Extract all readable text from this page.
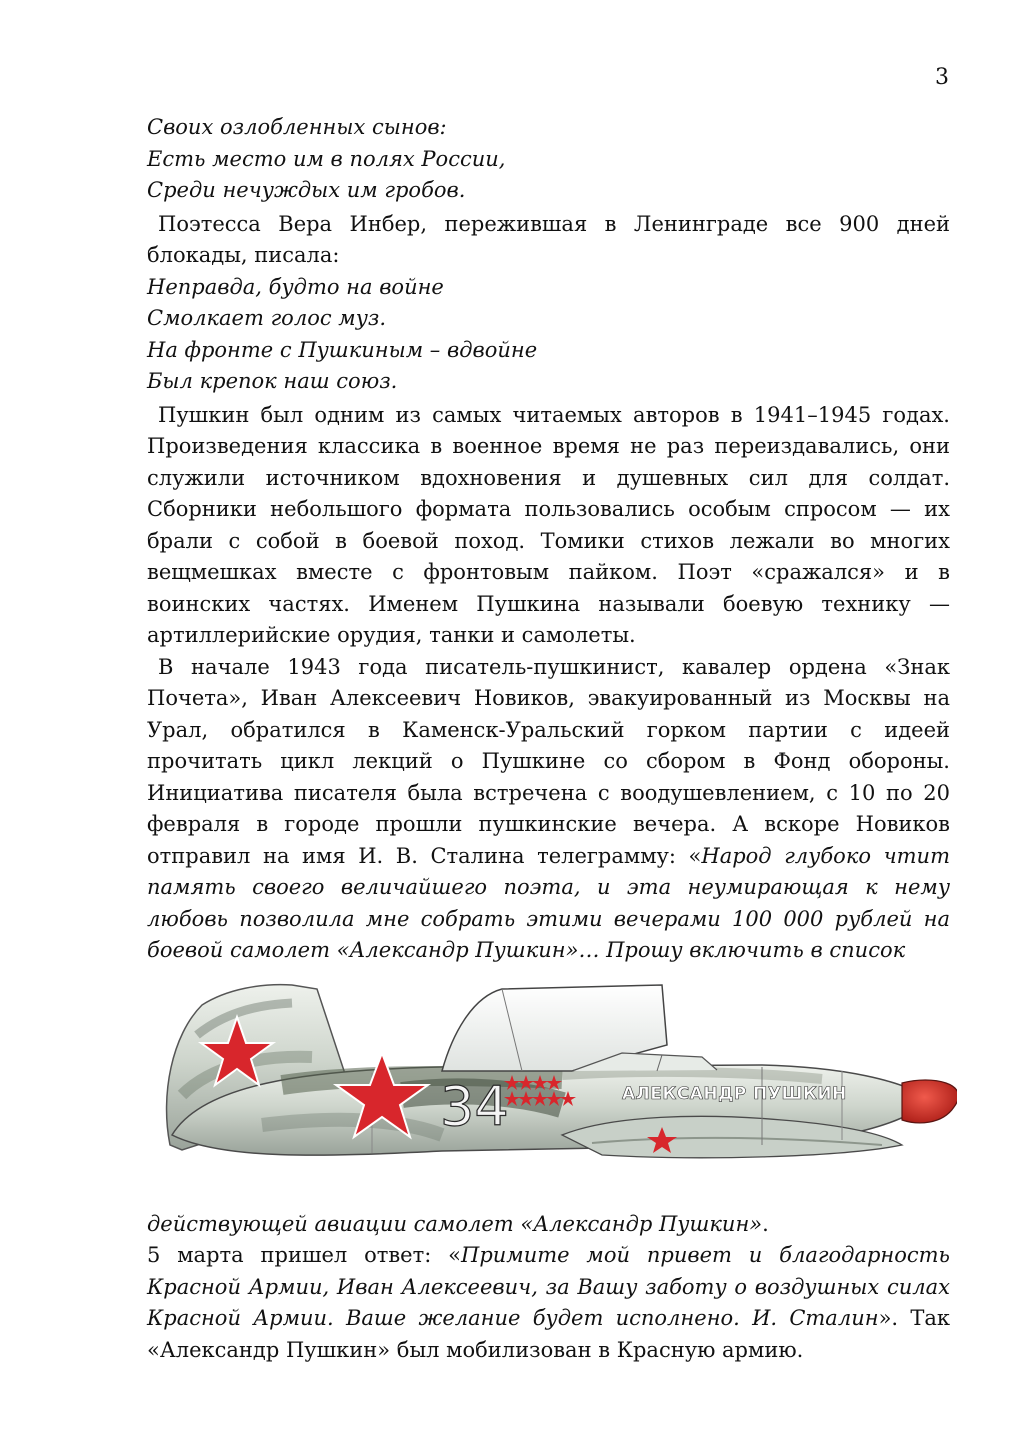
3

Своих озлобленных сынов:
Есть место им в полях России,
Среди нечуждых им гробов.

Поэтесса Вера Инбер, пережившая в Ленинграде все 900 дней блокады, писала:

Неправда, будто на войне
Смолкает голос муз.
На фронте с Пушкиным – вдвойне
Был крепок наш союз.

Пушкин был одним из самых читаемых авторов в 1941–1945 годах. Произведения классика в военное время не раз переиздавались, они служили источником вдохновения и душевных сил для солдат. Сборники небольшого формата пользовались особым спросом — их брали с собой в боевой поход. Томики стихов лежали во многих вещмешках вместе с фронтовым пайком. Поэт «сражался» и в воинских частях. Именем Пушкина называли боевую технику — артиллерийские орудия, танки и самолеты.

В начале 1943 года писатель-пушкинист, кавалер ордена «Знак Почета», Иван Алексеевич Новиков, эвакуированный из Москвы на Урал, обратился в Каменск-Уральский горком партии с идеей прочитать цикл лекций о Пушкине со сбором в Фонд обороны. Инициатива писателя была встречена с воодушевлением, с 10 по 20 февраля в городе прошли пушкинские вечера. А вскоре Новиков отправил на имя И. В. Сталина телеграмму: «Народ глубоко чтит память своего величайшего поэта, и эта неумирающая к нему любовь позволила мне собрать этими вечерами 100 000 рублей на боевой самолет «Александр Пушкин»… Прошу включить в список

34	АЛЕКСАНДР ПУШКИН

действующей авиации самолет «Александр Пушкин».

5 марта пришел ответ: «Примите мой привет и благодарность Красной Армии, Иван Алексеевич, за Вашу заботу о воздушных силах Красной Армии. Ваше желание будет исполнено. И. Сталин». Так «Александр Пушкин» был мобилизован в Красную армию.
